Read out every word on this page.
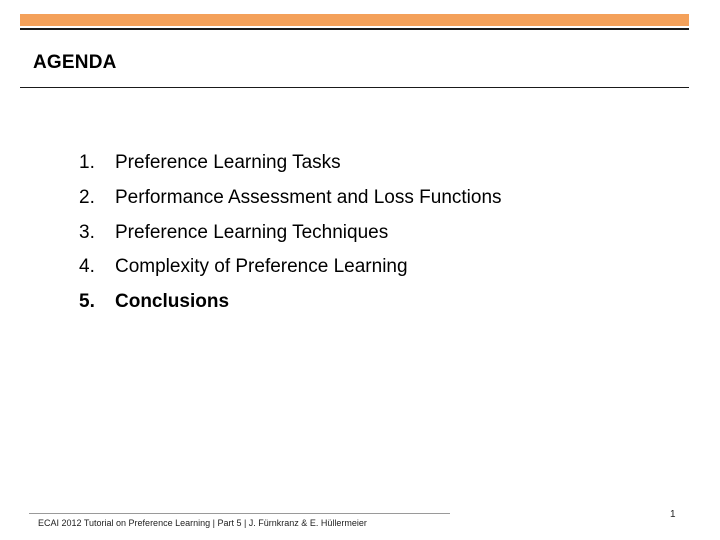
AGENDA
1.	Preference Learning Tasks
2.	Performance Assessment and Loss Functions
3.	Preference Learning Techniques
4.	Complexity of Preference Learning
5.	Conclusions
ECAI 2012 Tutorial on Preference Learning | Part 5 | J. Fürnkranz & E. Hüllermeier
1
